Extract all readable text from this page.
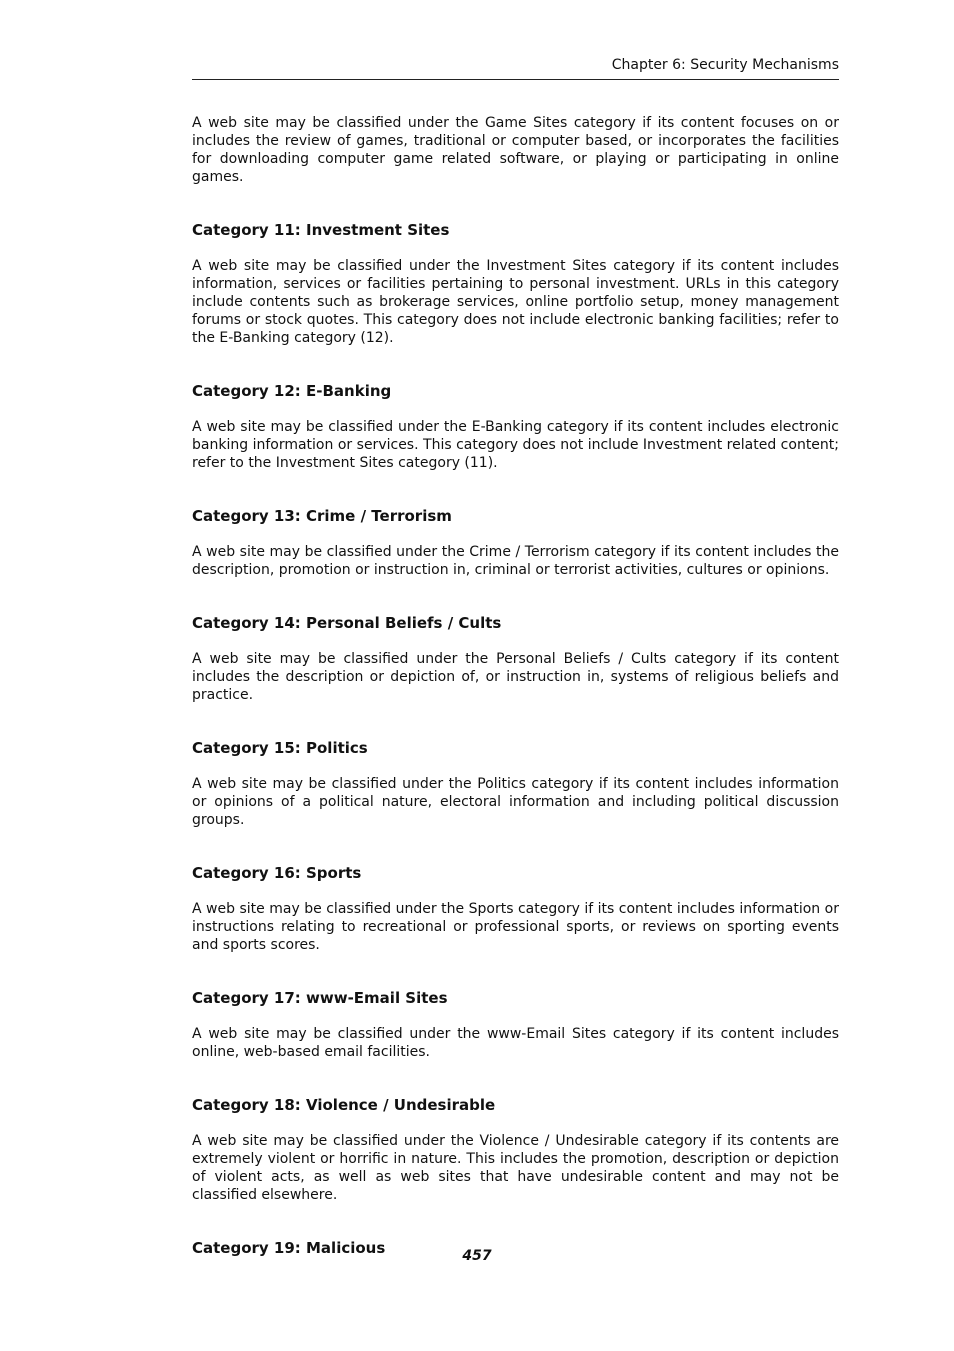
Chapter 6: Security Mechanisms

A web site may be classified under the Game Sites category if its content focuses on or includes the review of games, traditional or computer based, or incorporates the facilities for downloading computer game related software, or playing or participating in online games.

Category 11: Investment Sites

A web site may be classified under the Investment Sites category if its content includes information, services or facilities pertaining to personal investment. URLs in this category include contents such as brokerage services, online portfolio setup, money management forums or stock quotes. This category does not include electronic banking facilities; refer to the E-Banking category (12).

Category 12: E-Banking

A web site may be classified under the E-Banking category if its content includes electronic banking information or services. This category does not include Investment related content; refer to the Investment Sites category (11).

Category 13: Crime / Terrorism

A web site may be classified under the Crime / Terrorism category if its content includes the description, promotion or instruction in, criminal or terrorist activities, cultures or opinions.

Category 14: Personal Beliefs / Cults

A web site may be classified under the Personal Beliefs / Cults category if its content includes the description or depiction of, or instruction in, systems of religious beliefs and practice.

Category 15: Politics

A web site may be classified under the Politics category if its content includes information or opinions of a political nature, electoral information and including political discussion groups.

Category 16: Sports

A web site may be classified under the Sports category if its content includes information or instructions relating to recreational or professional sports, or reviews on sporting events and sports scores.

Category 17: www-Email Sites

A web site may be classified under the www-Email Sites category if its content includes online, web-based email facilities.

Category 18: Violence / Undesirable

A web site may be classified under the Violence / Undesirable category if its contents are extremely violent or horrific in nature. This includes the promotion, description or depiction of violent acts, as well as web sites that have undesirable content and may not be classified elsewhere.

Category 19: Malicious	457
